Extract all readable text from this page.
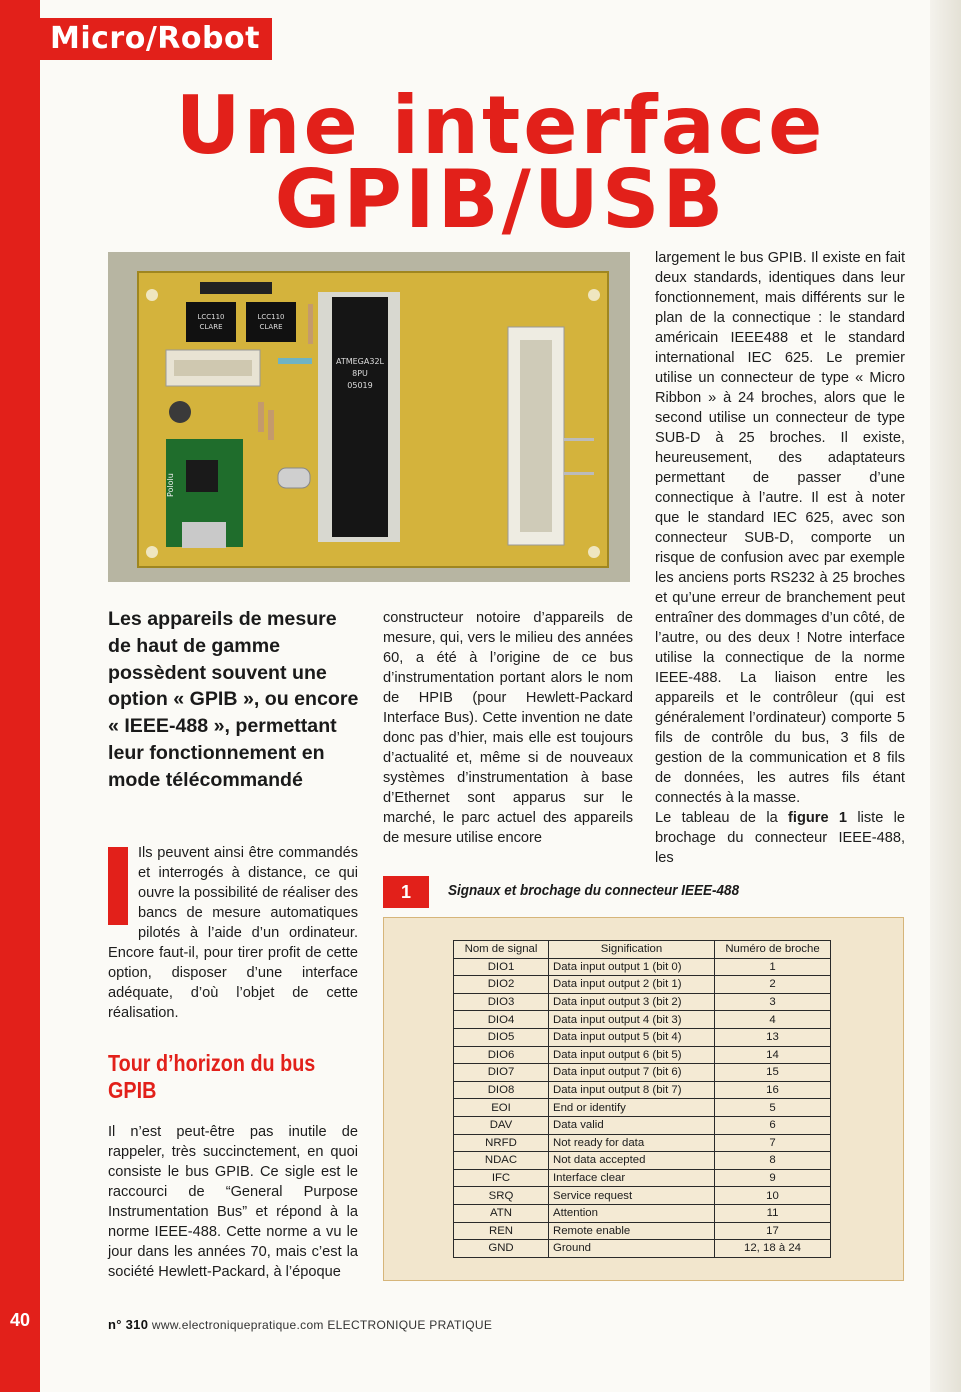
Micro/Robot
Une interface
GPIB/USB
LCC110
CLARE
LCC110
CLARE
Pololu
ATMEGA32L
8PU
05019

largement le bus GPIB. Il existe en fait deux standards, identiques dans leur fonctionnement, mais différents sur le plan de la connectique : le standard américain IEEE488 et le standard international IEC 625. Le premier utilise un connecteur de type « Micro Ribbon » à 24 broches, alors que le second utilise un connecteur de type SUB-D à 25 broches. Il existe, heureusement, des adaptateurs permettant de passer d’une connectique à l’autre. Il est à noter que le standard IEC 625, avec son connecteur SUB-D, comporte un risque de confusion avec par exemple les anciens ports RS232 à 25 broches et qu’une erreur de branchement peut entraîner des dommages d’un côté, de l’autre, ou des deux ! Notre interface utilise la connectique de la norme IEEE-488. La liaison entre les appareils et le contrôleur (qui est généralement l’ordinateur) comporte 5 fils de contrôle du bus, 3 fils de gestion de la communication et 8 fils de données, les autres fils étant connectés à la masse.

Le tableau de la figure 1 liste le brochage du connecteur IEEE-488, les

Les appareils de mesure de haut de gamme possèdent souvent une option « GPIB », ou encore « IEEE-488 », permettant leur fonctionnement en mode télécommandé

constructeur notoire d’appareils de mesure, qui, vers le milieu des années 60, a été à l’origine de ce bus d’instrumentation portant alors le nom de HPIB (pour Hewlett-Packard Interface Bus). Cette invention ne date donc pas d’hier, mais elle est toujours d’actualité et, même si de nouveaux systèmes d’instrumentation à base d’Ethernet sont apparus sur le marché, le parc actuel des appareils de mesure utilise encore

Ils peuvent ainsi être commandés et interrogés à distance, ce qui ouvre la possibilité de réaliser des bancs de mesure automatiques pilotés à l’aide d’un ordinateur. Encore faut-il, pour tirer profit de cette option, disposer d’une interface adéquate, d’où l’objet de cette réalisation.

Tour d’horizon du bus GPIB

Il n’est peut-être pas inutile de rappeler, très succinctement, en quoi consiste le bus GPIB. Ce sigle est le raccourci de “General Purpose Instrumentation Bus” et répond à la norme IEEE-488. Cette norme a vu le jour dans les années 70, mais c’est la société Hewlett-Packard, à l’époque

1	Signaux et brochage du connecteur IEEE-488
Nom de signal	Signification	Numéro de broche
DIO1	Data input output 1 (bit 0)	1
DIO2	Data input output 2 (bit 1)	2
DIO3	Data input output 3 (bit 2)	3
DIO4	Data input output 4 (bit 3)	4
DIO5	Data input output 5 (bit 4)	13
DIO6	Data input output 6 (bit 5)	14
DIO7	Data input output 7 (bit 6)	15
DIO8	Data input output 8 (bit 7)	16
EOI	End or identify	5
DAV	Data valid	6
NRFD	Not ready for data	7
NDAC	Not data accepted	8
IFC	Interface clear	9
SRQ	Service request	10
ATN	Attention	11
REN	Remote enable	17
GND	Ground	12, 18 à 24
40	n° 310 www.electroniquepratique.com ELECTRONIQUE PRATIQUE
